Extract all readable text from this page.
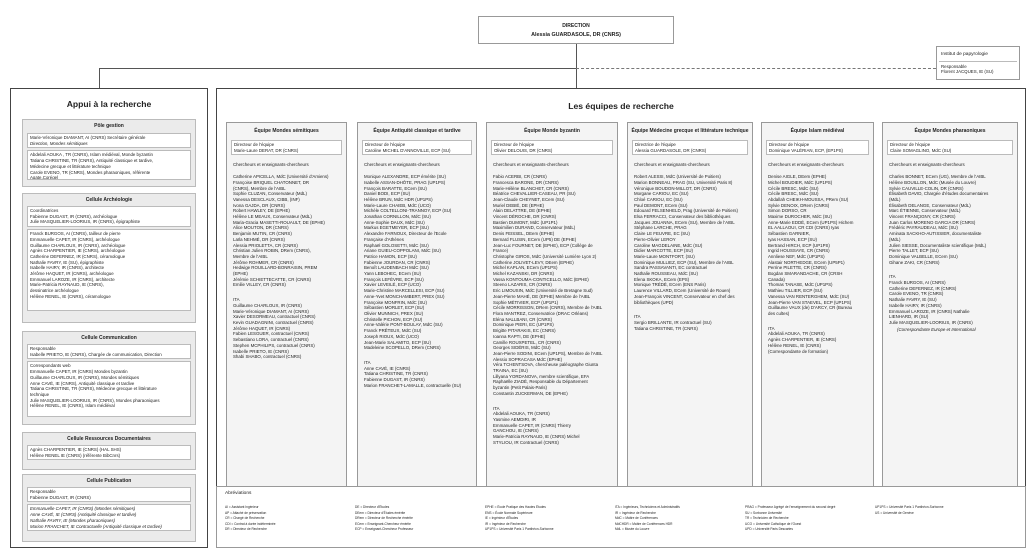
DIRECTION
Alessia GUARDASOLE, DR (CNRS)
Institut de papyrologie
Responsable
Florent JACQUES, IE (SU)
Appui à la recherche
Pôle gestion
Marie-Véronique DIAMANT, AI (CNRS) Secrétaire générale
Direction, Mondes sémitiques
Abdelali AOUKA , TR (CNRS), Islam médiéval, Monde byzantin
Tatiana CHRISTINE, TR (CNRS), Antiquité classique et tardive,
Médecine grecque et littérature technique
Carole EVENO, TR (CNRS), Mondes pharaoniques, référente
Agate,Corégel
Cellule Archéologie
Coordinatrices
Fabienne DUGAST, IR (CNRS), archéologue
Julie MASQUELIER-LOORIUS, IR (CNRS), épigraphiste
Franck BURGOS, AI (CNRS), tailleur de pierre
Emmanuelle CAPET, IR (CNRS), archéologue
Guillaume CHARLOUX, IR (CNRS), archéologue
Agnès CHARPENTIER, IE (CNRS), archéologue
Catherine DEFERNEZ, IR (CNRS), céramologue
Nathalie FAVRY, IE (SU), épigraphiste
Isabelle HAIRY, IR (CNRS), architecte
Jérôme HAQUET, IR (CNRS), archéologue
Emmanuel LAROZE, IR (CNRS), architecte
Marie-Patricia RAYNAUD, IE (CNRS),
dessinatrice archéologue
Hélène RENEL, IE (CNRS), céramologue
Cellule Communication
Responsable
Isabelle PRIETO, IE (CNRS), Chargée de communication, Direction
Correspondants web
Emmanuelle CAPET, IR (CNRS) Mondes byzantin
Guillaume CHARLOUX, IR (CNRS), Mondes sémitiques
Anne CAVÉ, IE (CNRS), Antiquité classique et tardive
Tatiana CHRISTINE, TR (CNRS), Médecine grecque et littérature
technique
Julie MASQUELIER-LOORIUS, IR (CNRS), Mondes pharaoniques
Hélène RENEL, IE (CNRS), Islam médiéval
Cellule Ressources Documentaires
Agnès CHARPENTIER, IE (CNRS) (HAL SHS)
Hélène RENEL IE (CNRS) (référente BibCnrs)
Cellule Publication
Responsable
Fabienne DUGAST, IR (CNRS)
Emmanuelle CAPET, IR (CNRS) (Mondes sémitiques)
Anne CAVÉ, IE (CNRS) (Antiquité classique et tardive)
Nathalie FAVRY, IE (Mondes pharaoniques)
Marion FRANCHET, IE Contractuelle (Antiquité classique et tardive)
Les équipes de recherche
Équipe Mondes sémitiques
Directeur de l'équipe
Marie-Laure DERAT, DR (CNRS)
Chercheurs et enseignants-chercheurs
Catherine APICELLA, MdC (Université d'Amiens)
Françoise BRIQUEL CHATONNET, DR
(CNRS), Membre de l'AIBL
Sophie CLUZAN, Conservateur (MdL)
Vanessa DESCLAUX, CIBB, (INF)
Ivona GAJDA, DR (CNRS)
Robert HAWLEY, DE (EPHE)
Hélène LE MEAUX, Conservateur (MdL)
Maria-Gracia MASETTI-ROUAULT, DE (EPHE)
Alice MOUTON, DR (CNRS)
Benjamin MUTIN, CR (CNRS)
Laïla NEHMÉ, DR (CNRS)
Alessia PRIOLETTA, CR (CNRS)
Christian Julien ROBIN, DRem (CNRS),
Membre de l'AIBL
Jérôme ROHMER, CR (CNRS)
Hedwige ROUILLARD-BONRAISIN, PREM
(EPHE)
Jérémie SCHIETTECATTE, CR (CNRS)
Emilie VILLEY, CR (CNRS)
ITA
Guillaume CHARLOUX, IR (CNRS)
Marie-Véronique DIAMANT, AI (CNRS)
Xavier DESORMEAU, contractuel (CNRS)
Kevin GUADAGNINI, contractuel (CNRS)
Jérôme HAQUET, IR (CNRS)
Fabien LESGUER, contractuel (CNRS)
Sebastiano LORA, contractuel (CNRS)
Stephen MCPHILIPS, contractuel (CNRS)
Isabelle PRIETO, IE (CNRS)
Shabi SHABO, contractuel (CNRS)
Équipe Antiquité classique et tardive
Directeur de l'équipe
Caroline MICHEL D'ANNOVILLE, ECP (SU)
Chercheurs et enseignants-chercheurs
Monique ALEXANDRE, ECP émérite (SU)
Isabelle ASSAN-DHÔTE, PRAG (UP1PS)
François BARATTE, ECem (SU)
Daniel BODI, ECP (SU)
Hélène BRUN, MdC HDR (UP1PS)
Marie-Laure CHAIEB, MdC (UCO)
Michèle COLTELLONI-TRANNOY, ECP (SU)
Jonathan CORNILLON, MdC (SU)
Anne-Sophie DAUX, MdC (SU)
Markus EGETMEYER, ECP (SU)
Alexandre FARNOUX, Directeur de l'Ecole
Française d'Athènes
Raphaël GOLOSETTI, MdC (SU)
Ariane GUIEU-COPPOLANI, MdC (SU)
Patrice HAMON, ECP (SU)
Fabienne JOURDAN, CR (CNRS)
Benoît LAUDENBACH MdC (SU)
Yann LEBOHEC, ECem (SU)
François LEFÈVRE, ECP (SU)
Xavier LEVEILÉ, ECP (UCO)
Marie-Christine MARCELLESI, ECP (SU)
Anne-Yvet MONCHAMBERT, PREX (SU)
Françoise MONFRIN, MdC (SU)
Sébastien MORLET, ECP (SU)
Olivier MUNNICH, PREX (SU)
Christelle PICHON, ECP (SU)
Anne-Valérie PONT-BOULAY, MdC (SU)
Franck PRÊTEUX, MdC (SU)
Joseph RIOUX, MdC (UCO)
Jean-Marie SALAMITO, ECP (SU)
Madeleine SCOPELLO, DRem (CNRS)
ITA
Anne CAVÉ, IE (CNRS)
Tatiana CHRISTINE, TR (CNRS)
Fabienne DUGAST, IR (CNRS)
Marion FRANCHET-LAMALLE, contractuelle (SU)
Équipe Monde byzantin
Directeur de l'équipe
Olivier DELOUIS, DR (CNRS)
Chercheurs et enseignants-chercheurs
Fabio ACERBI, CR (CNRS)
Francesca BARONE, DR (CNRS)
Marie-Hélène BLANCHET, CR (CNRS)
Béatrice CHEVALLIER-CASEAU, PR (SU)
Jean-Claude CHEYNET, ECem (SU)
Muriel DEBIÉ, DE (EPHE)
Alain DELATTRE, DE (EPHE)
Vincent DÉROCHE, DR (CNRS)
Bastien DUMONT, MdC (UP1P1)
Maximilien DURAND, Conservateur (MdL)
Denis FEISSEL, DEem (EPHE)
Bernard FLUSIN, ECem (UP5) DE (EPHE)
Jean-Luc FOURNET, DE (EPHE), ECP (Collège de
France)
Christophe GIROS, MdC (Université Lumière Lyon 2)
Catherine JOLIVET-LEVY, DEem (EPHE)
Michel KAPLAN, ECem (UP1PS)
Michel KAZANSKI, DR (CNRS)
Vassa KONTOUMA-CONTICELLO, MdC (EPHE)
Steeno LAZARIS, CR (CNRS)
Eric LIMOUSIN, MdC (Université de Bretagne Sud)
Jean-Pierre MAHÉ, DE (EPHE) Membre de l'AIBL
Sophie MÉTIVIER, ECP (UP1P1)
Cécile MORRISSON, DRem (CNRS), Membre de l'AIBL
Flora MANTREZ, Conservatrice (DRAC Orléans)
Eléna NALLBANI, CR (CNRS)
Dominique PIERI, EC (UP1PS)
Brigitte PITARAKIS, EC (CNRS)
Ioanna RAPTI, DE (EPHE)
Camille ROUXPETEL, CR (CNRS)
Georges SIDÉRIS, MdC (SU)
Jean-Pierre SODINI, ECem (UP1PS), Membre de l'AIBL
Alessio SOPRACASA MdC (EPHE)
Véra TCHENTSOVA, chercheuse paléographe Giunta
TRAINA, EC (SU)
Lillyana YORDANOVA, membre scientifique, EFA
Raphaëlle ZIADÉ, Responsable du Département
byzantin (Petit Palais-Paris)
Constantin ZUCKERMAN, DE (EPHE)
ITA
Abdelali AOUKA, TR (CNRS)
Yasmine AEMDIRI, IR
Emmanuelle CAPET, IR (CNRS) Thierry
GANCHOU, IE (CNRS)
Marie-Patricia RAYNAUD, IE (CNRS) Michel
STYLIOU, IR Contractuel (CNRS)
Équipe Médecine grecque et littérature technique
Directrice de l'équipe
Alessia GUARDASOLE, DR (CNRS)
Chercheurs et enseignants-chercheurs
Robert ALESSI, MdC (Université de Poitiers)
Marion BONNEAU, PRAG (SU, Université Paris 8)
Véronique BOUDON-MILLOT, DR (CNRS)
Morgane CARIOU, EC (SU)
Chloé CARIOU, EC (SU)
Paul DEMONT, ECem (SU)
Edouard FELSENHELD, Prag (Université de Poitiers)
Elsa FERRACCI, Conservateur des bibliothèques
Jacques JOUANNA, ECem (SU), Membre de l'AIBL
Stéphane LARCHE, PRAG
Claire LE FEUVRE, EC (SU)
Pierre-Olivier LEROY
Caroline MAGDELAINE, MdC (SU)
Didier MARCOTTE, ECP (SU)
Marie-Laure MONTFORT, (SU)
Dominique MULLIEZ, ECP (SU), Membre de l'AIBL
Sandra PASSAVANTI, EC contractuel
Nathalie ROUSSEAU, MdC (SU)
Elena SKOKA, ECem (EPS)
Monique TRÉDÉ, ECem (ENS Paris)
Laurence VILLARD, ECem (Université de Rouen)
Jean-François VINCENT, Conservateur en chef des
bibliothèques (UPD)
ITA
Sergio BRILLANTE, IR contractuel (SU)
Tatiana CHRISTINE, TR (CNRS)
Équipe Islam médiéval
Directeur de l'équipe
Dominique VALÉRIAN, ECP, (EP1PS)
Chercheurs et enseignants-chercheurs
Denise AIGLE, DEem (EPHE)
Michel BOUDIER, MdC (UP1PS)
Cécile BRESC, MdC (SU)
Cécile BRESC, MdC (SU)
Abdallah CHEIKH-MOUSSA, PRem (SU)
Sylvie DENOIX, DRem (CNRS)
Simon DORSO, CR
Maxime DUROCHER, MdC (SU)
Anne-Marie EDDÉ, ECem (UP1PS) Hichem
EL AALLAOUI, CR CDI (CNRS) Iyas
Sébastien GARNIER,
Iyas HASSAN, ECP (SU)
Bertrand HIRCH, ECP (UP1PS)
Ingrid HOUSSAYE, CR (CNRS)
Annliese NEF, MdC (UP1PS)
Alastair NORTHEDGE, ECem (UP5P1)
Perrine PILETTE, CR (CNRS)
Bogdan SMARANDACHE, CR (CRSH
Canada)
Thomas TANASE, MdC (UP1PS)
Mathieu TILLIER, ECP (SU)
Vanessa VAN RENTERGHEM, MdC (SU)
Jean-Pierre VAN STAEVEL, ECP (UP1PS)
Guillaume VAUX (de) D'ARCY, CR (Bureau
des cultes)
ITA
Abdelali AOUKA, TR (CNRS)
Agnès CHARPENTIER, IE (CNRS)
Hélène RENEL, IE (CNRS)
(Correspondante de formation)
Équipe Mondes pharaoniques
Directeur de l'équipe
Claire SOMAGLINO, MdC (SU)
Chercheurs et enseignants-chercheurs
Charles BONNET, ECem (UG), Membre de l'AIBL
Hélène BOUILLON, MdC (Musée du Louvre)
Sylvie CAUVILLE-COLIN, DR (CNRS)
Élisabeth DAVID, Chargée d'études documentaires
(MdL)
Élisabeth DELANGE, Conservateur (MdL)
Marc ÉTIENNE, Conservateur (MdL)
Vincent FRANÇIGNY, CR (CNRS)
Juan Carlos MORENO GARCIA DR (CNRS)
Frédéric PAYRAUDEAU, MdC (SU)
Aminata SACKHO-AUTISSIER, documentaliste
(MdL)
Julien SIESSE, Documentaliste scientifique (MdL)
Pierre TALLET, ECP (SU)
Dominique VALBELLE, ECem (SU)
Gihane ZAKI, CR (CNRS)
ITA
Franck BURGOS, AI (CNRS)
Catherine DEFERNEZ, IR (CNRS)
Carole EVENO, TR (CNRS)
Nathalie FAVRY, IE (SU)
Isabelle HAIRY, IR (CNRS)
Emmanuel LAROZE, IR (CNRS) Nathalie
LIENHARD, IR (SU)
Julie MASQUELIER-LOORIUS, IR (CNRS)
(Correspondante Europe et International
Abréviations
AI = Assistant Ingénieur
AP = Attaché de préservation
CR = Chargé de Recherche
CDI = Contrat à durée indéterminée
DR = Directeur de Recherche
DE = Directeur d'Études
DEem = Directeur d'Études émérite
DRem = Directeur de Recherche émérite
ECem = Enseignant-Chercheur émérite
ECP = Enseignant-Chercheur Professeur
EPHE = École Pratique des Hautes Études
ENS = École Normale Supérieure
IE = Ingénieur d'Études
IR = Ingénieur de Recherche
UP1PS = Université Paris 1 Panthéon-Sorbonne
ITA = Ingénieurs, Techniciens et Administratifs
IR = Ingénieur de Recherche
MdC = Maître de Conférences
MdCHDR = Maître de Conférences HDR
MdL = Musée du Louvre
PRAG = Professeur Agrégé de l'enseignement du second degré
SU = Sorbonne Université
TR = Technicien de Recherche
UCO = Université Catholique de l'Ouest
UPD = Université Paris Descartes
UP1PS = Université Paris 1 Panthéon-Sorbonne
US = Université de Genève
